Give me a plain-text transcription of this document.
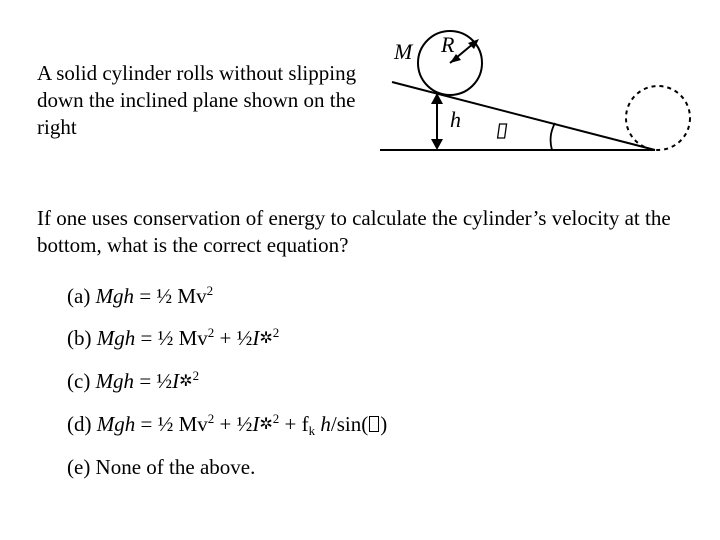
A solid cylinder rolls without slipping down the inclined plane shown on the right
M R
h
If one uses conservation of energy to calculate the cylinder’s velocity at the bottom, what is the correct equation?
(a) Mgh = ½ Mv$^2$
(b) Mgh = ½ $Mv^2$ + ½I✲$^2$
(c) Mgh = ½I✲$^2$
(d) Mgh = ½ $Mv^2$ + ½I✲$^2$ + $f_k$ h/sin( )
(e) None of the above.
